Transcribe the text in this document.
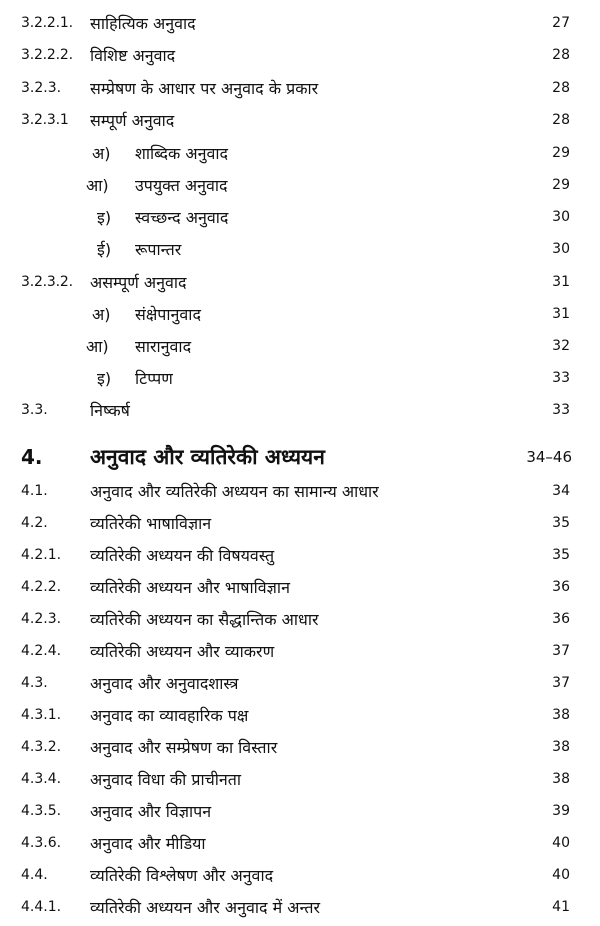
3.2.2.1. साहित्यिक अनुवाद	27
3.2.2.2. विशिष्ट अनुवाद	28
3.2.3. सम्प्रेषण के आधार पर अनुवाद के प्रकार	28
3.2.3.1 सम्पूर्ण अनुवाद	28
अ) शाब्दिक अनुवाद	29
आ) उपयुक्त अनुवाद	29
इ) स्वच्छन्द अनुवाद	30
ई) रूपान्तर	30
3.2.3.2. असम्पूर्ण अनुवाद	31
अ) संक्षेपानुवाद	31
आ) सारानुवाद	32
इ) टिप्पण	33
3.3.	निष्कर्ष	33
4. अनुवाद और व्यतिरेकी अध्ययन	34–46
4.1.	अनुवाद और व्यतिरेकी अध्ययन का सामान्य आधार	34
4.2.	व्यतिरेकी भाषाविज्ञान	35
4.2.1. व्यतिरेकी अध्ययन की विषयवस्तु	35
4.2.2. व्यतिरेकी अध्ययन और भाषाविज्ञान	36
4.2.3. व्यतिरेकी अध्ययन का सैद्धान्तिक आधार	36
4.2.4. व्यतिरेकी अध्ययन और व्याकरण	37
4.3.	अनुवाद और अनुवादशास्त्र	37
4.3.1. अनुवाद का व्यावहारिक पक्ष	38
4.3.2. अनुवाद और सम्प्रेषण का विस्तार	38
4.3.4. अनुवाद विधा की प्राचीनता	38
4.3.5. अनुवाद और विज्ञापन	39
4.3.6. अनुवाद और मीडिया	40
4.4.	व्यतिरेकी विश्लेषण और अनुवाद	40
4.4.1. व्यतिरेकी अध्ययन और अनुवाद में अन्तर	41
